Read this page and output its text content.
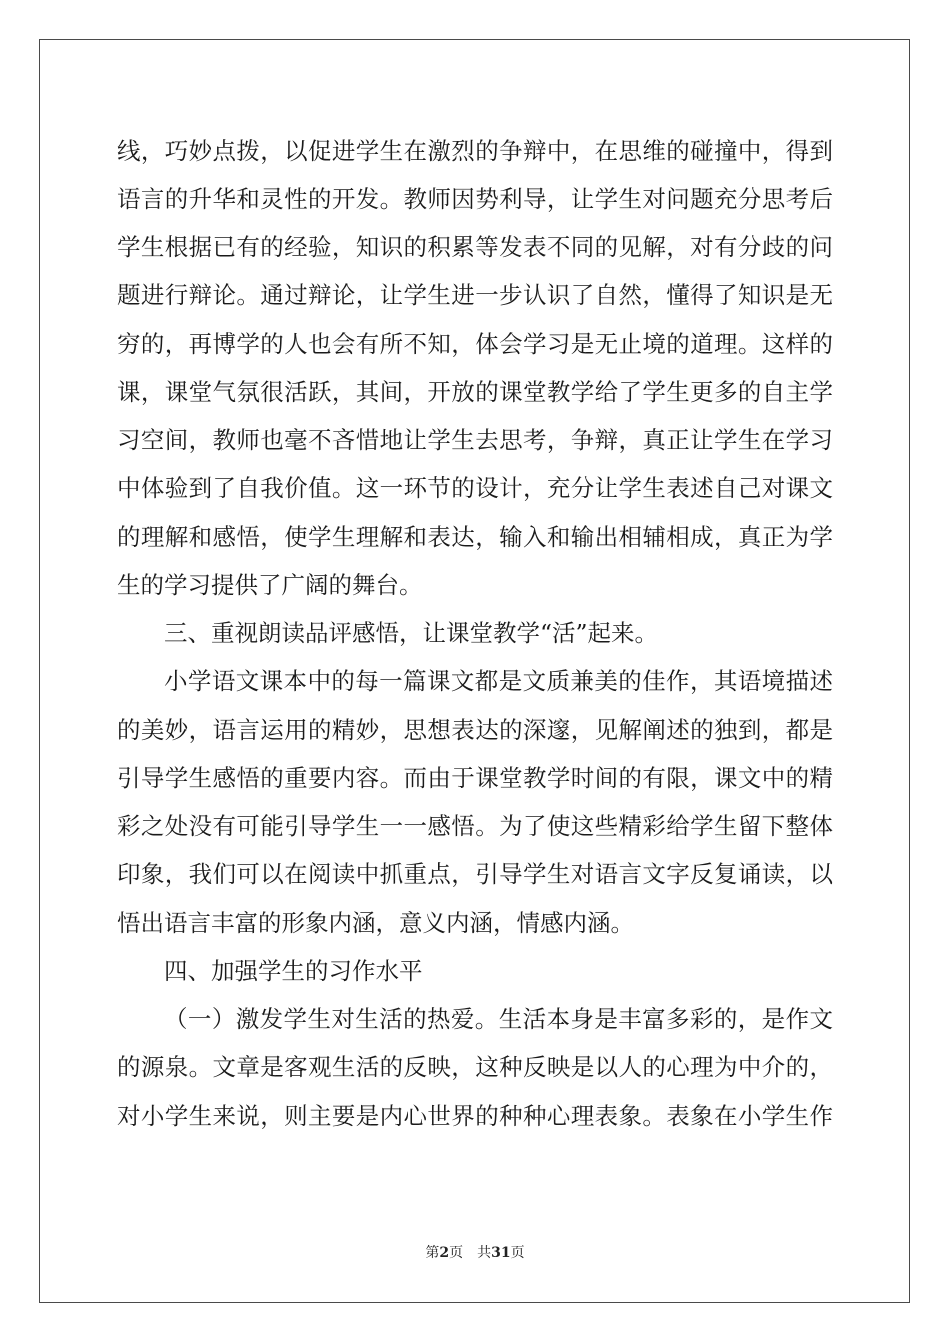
线，巧妙点拨，以促进学生在激烈的争辩中，在思维的碰撞中，得到
语言的升华和灵性的开发。教师因势利导，让学生对问题充分思考后
学生根据已有的经验，知识的积累等发表不同的见解，对有分歧的问
题进行辩论。通过辩论，让学生进一步认识了自然，懂得了知识是无
穷的，再博学的人也会有所不知，体会学习是无止境的道理。这样的
课，课堂气氛很活跃，其间，开放的课堂教学给了学生更多的自主学
习空间，教师也毫不吝惜地让学生去思考，争辩，真正让学生在学习
中体验到了自我价值。这一环节的设计，充分让学生表述自己对课文
的理解和感悟，使学生理解和表达，输入和输出相辅相成，真正为学
生的学习提供了广阔的舞台。
三、重视朗读品评感悟，让课堂教学“活”起来。
小学语文课本中的每一篇课文都是文质兼美的佳作，其语境描述
的美妙，语言运用的精妙，思想表达的深邃，见解阐述的独到，都是
引导学生感悟的重要内容。而由于课堂教学时间的有限，课文中的精
彩之处没有可能引导学生一一感悟。为了使这些精彩给学生留下整体
印象，我们可以在阅读中抓重点，引导学生对语言文字反复诵读，以
悟出语言丰富的形象内涵，意义内涵，情感内涵。
四、加强学生的习作水平
（一）激发学生对生活的热爱。生活本身是丰富多彩的，是作文
的源泉。文章是客观生活的反映，这种反映是以人的心理为中介的，
对小学生来说，则主要是内心世界的种种心理表象。表象在小学生作
第2页　共31页
